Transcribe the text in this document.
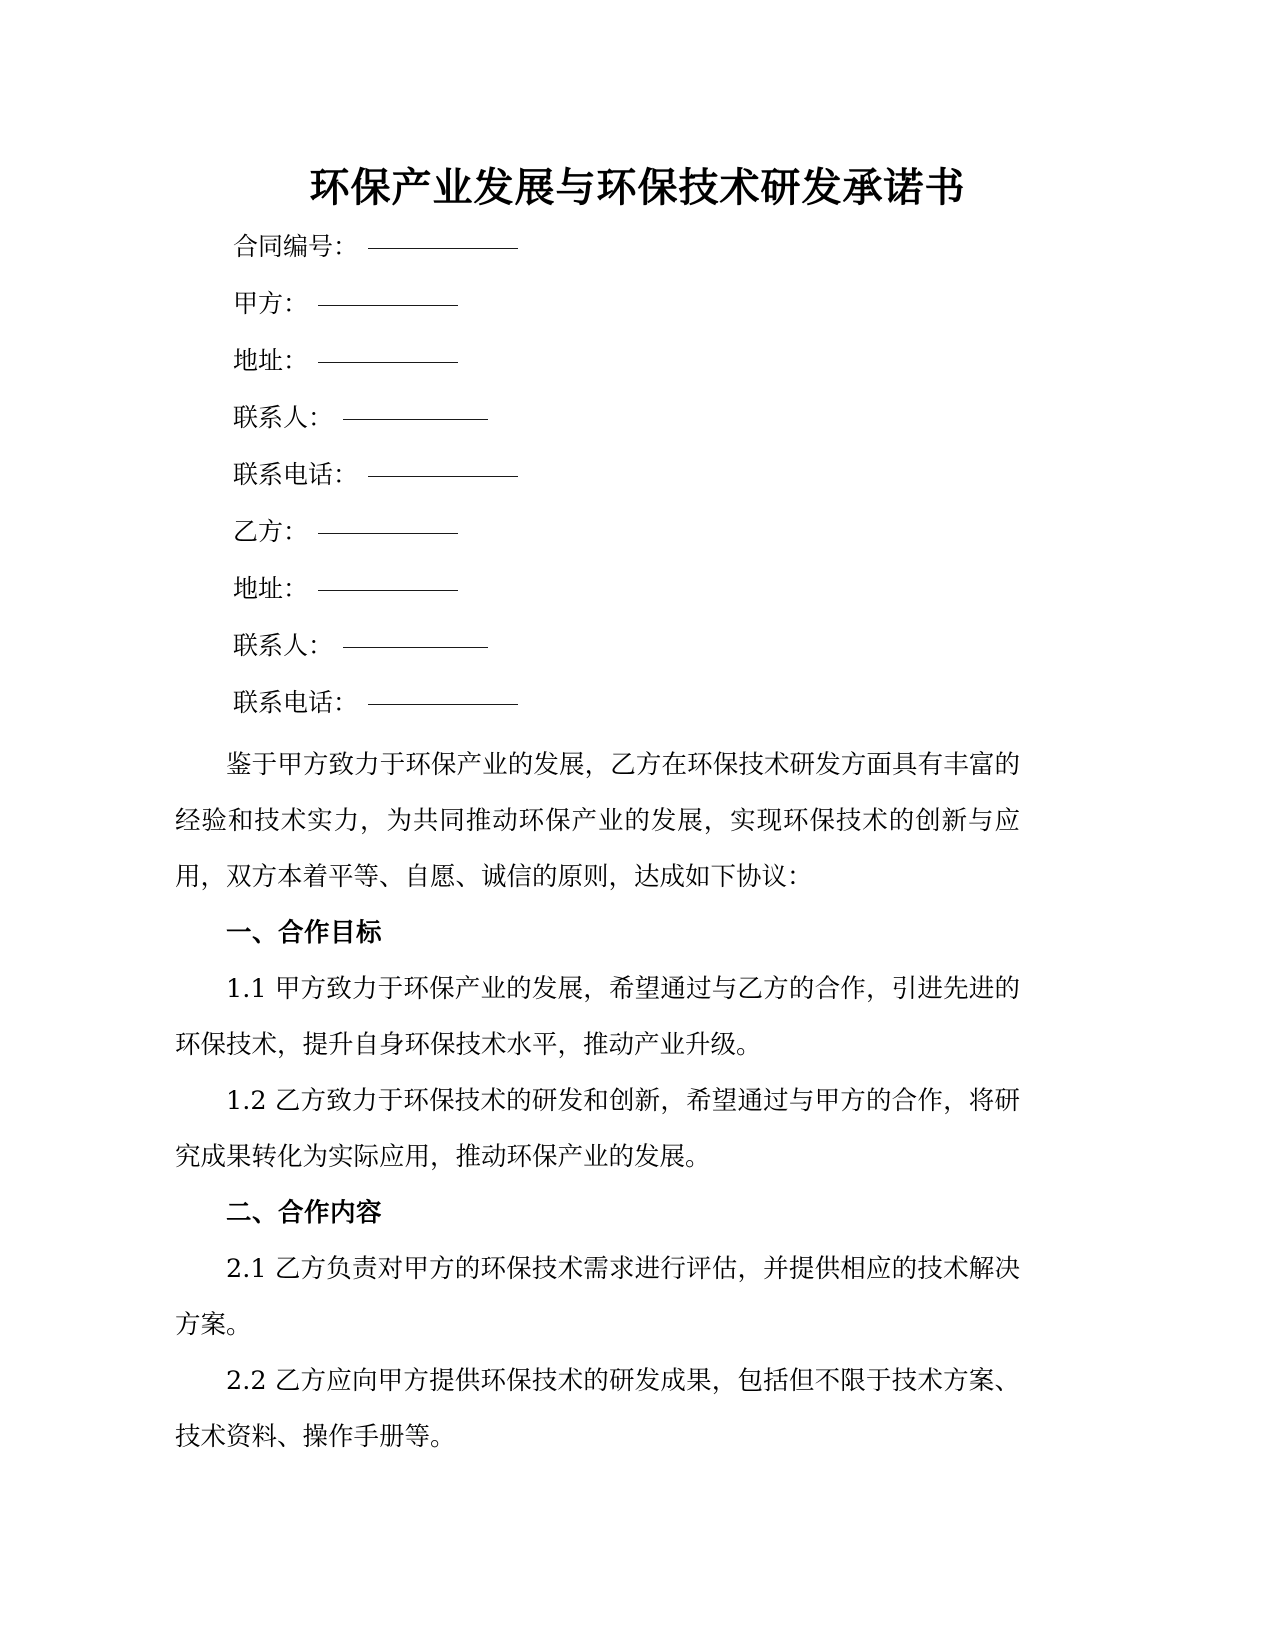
环保产业发展与环保技术研发承诺书
合同编号：
甲方：
地址：
联系人：
联系电话：
乙方：
地址：
联系人：
联系电话：

鉴于甲方致力于环保产业的发展，乙方在环保技术研发方面具有丰富的经验和技术实力，为共同推动环保产业的发展，实现环保技术的创新与应用，双方本着平等、自愿、诚信的原则，达成如下协议：

一、合作目标

1.1 甲方致力于环保产业的发展，希望通过与乙方的合作，引进先进的环保技术，提升自身环保技术水平，推动产业升级。

1.2 乙方致力于环保技术的研发和创新，希望通过与甲方的合作，将研究成果转化为实际应用，推动环保产业的发展。

二、合作内容

2.1 乙方负责对甲方的环保技术需求进行评估，并提供相应的技术解决方案。

2.2 乙方应向甲方提供环保技术的研发成果，包括但不限于技术方案、技术资料、操作手册等。
